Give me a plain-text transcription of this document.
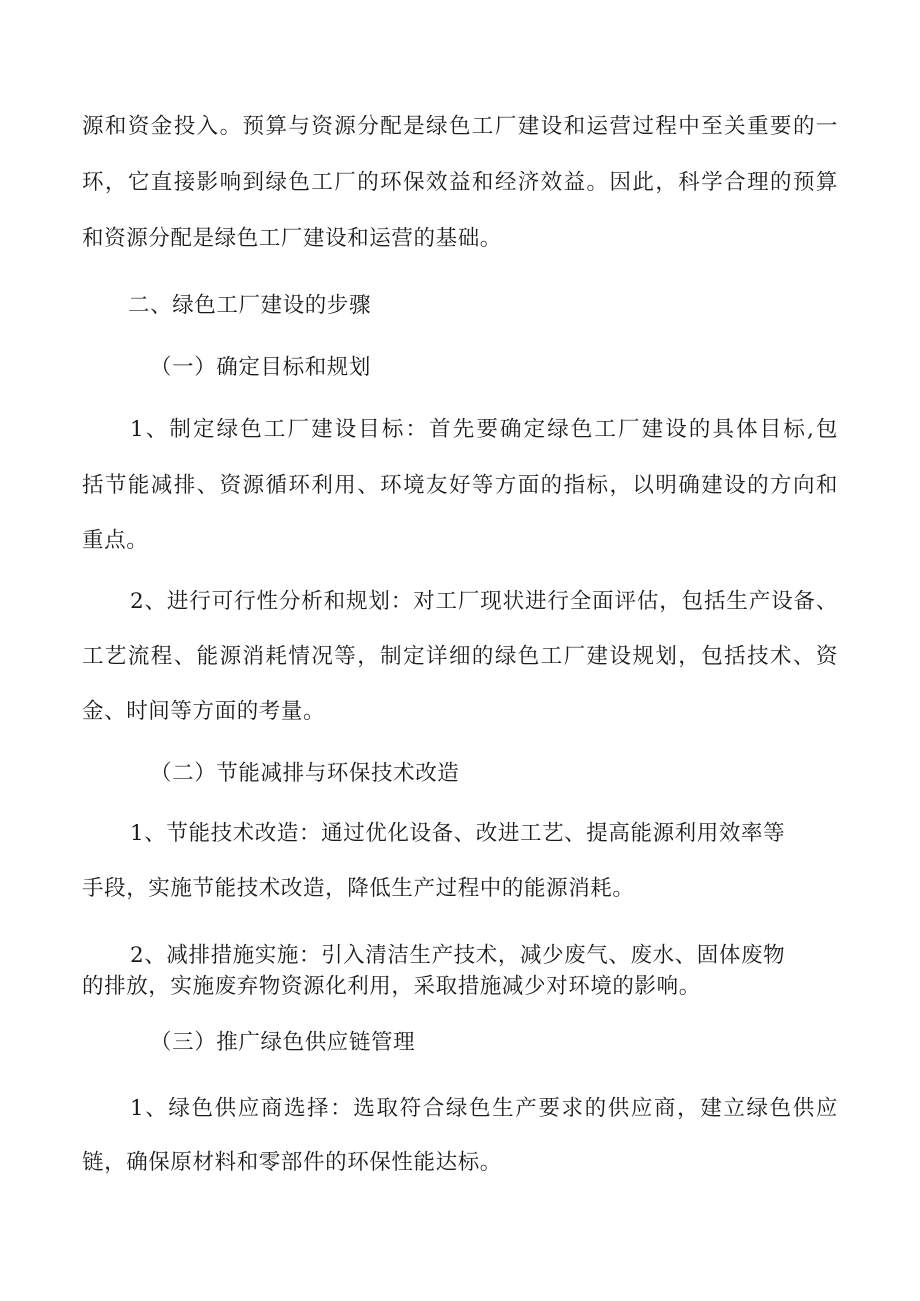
源和资金投入。预算与资源分配是绿色工厂建设和运营过程中至关重要的一
环，它直接影响到绿色工厂的环保效益和经济效益。因此，科学合理的预算
和资源分配是绿色工厂建设和运营的基础。
二、绿色工厂建设的步骤
（一）确定目标和规划
1、制定绿色工厂建设目标：首先要确定绿色工厂建设的具体目标,包
括节能减排、资源循环利用、环境友好等方面的指标，以明确建设的方向和
重点。
2、进行可行性分析和规划：对工厂现状进行全面评估，包括生产设备、
工艺流程、能源消耗情况等，制定详细的绿色工厂建设规划，包括技术、资
金、时间等方面的考量。
（二）节能减排与环保技术改造
1、节能技术改造：通过优化设备、改进工艺、提高能源利用效率等
手段，实施节能技术改造，降低生产过程中的能源消耗。
2、减排措施实施：引入清洁生产技术，减少废气、废水、固体废物
的排放，实施废弃物资源化利用，采取措施减少对环境的影响。
（三）推广绿色供应链管理
1、绿色供应商选择：选取符合绿色生产要求的供应商，建立绿色供应
链，确保原材料和零部件的环保性能达标。
